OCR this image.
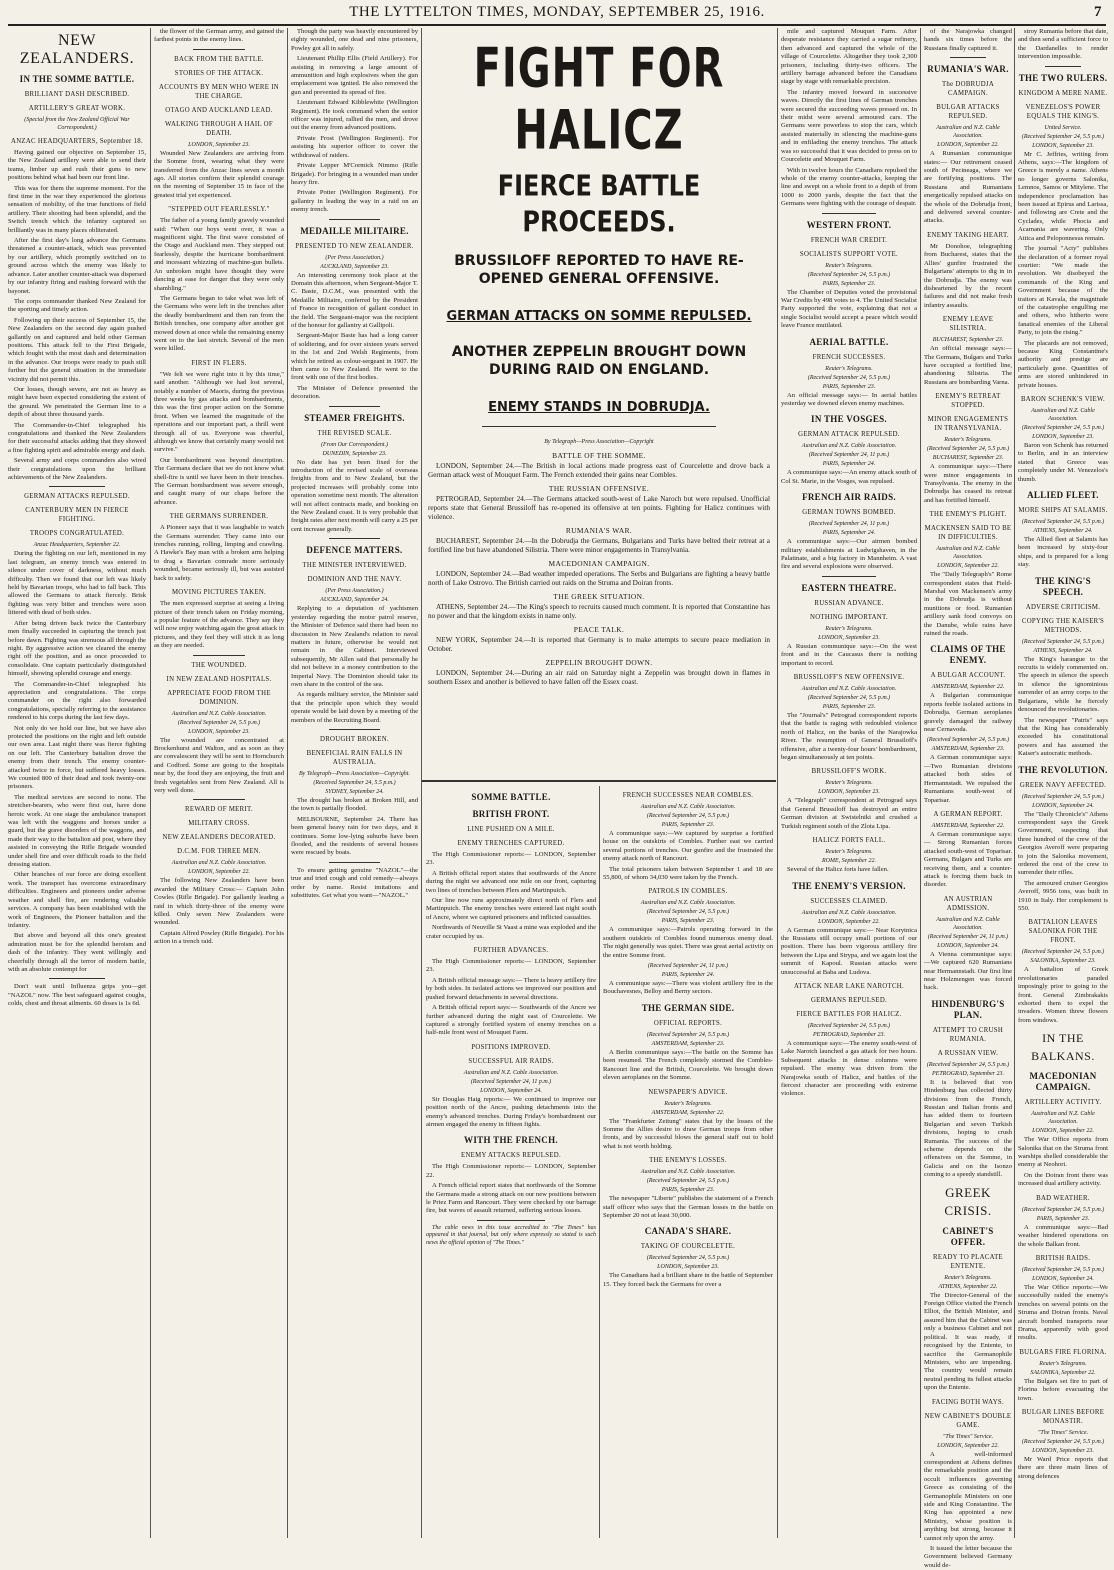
THE LYTTELTON TIMES, MONDAY, SEPTEMBER 25, 1916.	7
NEW ZEALANDERS.
IN THE SOMME BATTLE.
BRILLIANT DASH DESCRIBED.
ARTILLERY'S GREAT WORK.
(Special from the New Zealand Official War Correspondent.)
ANZAC HEADQUARTERS, September 18.

Having gained our objective on September 15, the New Zealand artillery were able to send their teams, limber up and rush their guns to new positions behind what had been our front line.

This was for them the supreme moment. For the first time in the war they experienced the glorious sensation of mobility, of the true functions of field artillery. Their shooting had been splendid, and the Switch trench which the infantry captured so brilliantly was in many places obliterated.

After the first day's long advance the Germans threatened a counter-attack, which was prevented by our artillery, which promptly switched on to ground across which the enemy was likely to advance. Later another counter-attack was dispersed by our infantry firing and rushing forward with the bayonet.

The corps commander thanked New Zealand for the sporting and timely action.

Following up their success of September 15, the New Zealanders on the second day again pushed gallantly on and captured and held other German positions. This attack fell to the First Brigade, which fought with the most dash and determination in the advance. Our troops were ready to push still further but the general situation in the immediate vicinity did not permit this.

Our losses, though severe, are not as heavy as might have been expected considering the extent of the ground. We penetrated the German line to a depth of about three thousand yards.

The Commander-in-Chief telegraphed his congratulations and thanked the New Zealanders for their successful attacks adding that they showed a fine fighting spirit and admirable energy and dash.

Several army and corps commanders also wired their congratulations upon the brilliant achievements of the New Zealanders.

GERMAN ATTACKS REPULSED.
CANTERBURY MEN IN FIERCE FIGHTING.
TROOPS CONGRATULATED.
Anzac Headquarters, September 22.

During the fighting on our left, mentioned in my last telegram, an enemy trench was entered in silence under cover of darkness, without much difficulty. Then we found that our left was likely held by Bavarian troops, who had to fall back. This allowed the Germans to attack fiercely. Brisk fighting was very bitter and trenches were soon littered with dead of both sides.

After being driven back twice the Canterbury men finally succeeded in capturing the trench just before dawn. Fighting was strenuous all through the night. By aggressive action we cleared the enemy right off the position, and as once proceeded to consolidate. One captain particularly distinguished himself, showing splendid courage and energy.

The Commander-in-Chief telegraphed his appreciation and congratulations. The corps commander on the right also forwarded congratulations, specially referring to the assistance rendered to his corps during the last few days.

Not only do we hold our line, but we have also protected the positions on the right and left outside our own area. Last night there was fierce fighting on our left. The Canterbury battalion drove the enemy from their trench. The enemy counter-attacked twice in force, but suffered heavy losses. We counted 800 of their dead and took twenty-one prisoners.

The medical services are second to none. The stretcher-bearers, who were first out, have done heroic work. At one stage the ambulance transport was left with the waggons and horses under a guard, but the grave disorders of the waggons, and made their way to the battalion aid post, where they assisted in conveying the Rifle Brigade wounded under shell fire and over difficult roads to the field dressing station.

Other branches of our force are doing excellent work. The transport has overcome extraordinary difficulties. Engineers and pioneers under adverse weather and shell fire, are rendering valuable services. A company has been established with the work of Engineers, the Pioneer battalion and the infantry.

But above and beyond all this one's greatest admiration must be for the splendid heroism and dash of the infantry. They went willingly and cheerfully through all the terror of modern battle, with an absolute contempt for

Don't wait until Influenza grips you—get "NAZOL" now. The best safeguard against coughs, colds, chest and throat ailments. 60 doses is 1s 6d.

the flower of the German army, and gained the farthest points in the enemy lines.

BACK FROM THE BATTLE.
STORIES OF THE ATTACK.
ACCOUNTS BY MEN WHO WERE IN THE CHARGE.
OTAGO AND AUCKLAND LEAD.
WALKING THROUGH A HAIL OF DEATH.
LONDON, September 23.

Wounded New Zealanders are arriving from the Somme front, wearing what they were transferred from the Anzac lines seven a month ago. All stories confirm their splendid courage on the morning of September 15 in face of the greatest trial yet experienced.

"STEPPED OUT FEARLESSLY."

The father of a young family gravely wounded said: "When our boys went over, it was a magnificent sight. The first wave consisted of the Otago and Auckland men. They stepped out fearlessly, despite the hurricane bombardment and incessant whizzing of machine-gun bullets. An unbroken might have thought they were dancing at ease for danger that they were only shambling."

The Germans began to take what was left of the Germans who were left in the trenches after the deadly bombardment and then ran from the British trenches, one company after another got mowed down at once while the remaining enemy went on to the last stretch. Several of the men were killed.

FIRST IN FLERS.

"We felt we were right into it by this time," said another. "Although we had lost several, notably a number of Maoris, during the previous three weeks by gas attacks and bombardments, this was the first proper action on the Somme front. When we learned the magnitude of the operations and our important part, a thrill went through all of us. Everyone was cheerful, although we know that certainly many would not survive."

Our bombardment was beyond description. The Germans declare that we do not know what shell-fire is until we have been in their trenches. The German bombardment was severe enough, and caught many of our chaps before the advance.

THE GERMANS SURRENDER.

A Pioneer says that it was laughable to watch the Germans surrender. They came into our trenches running, rolling, limping and crawling. A Hawke's Bay man with a broken arm helping to drag a Bavarian comrade more seriously wounded, became seriously ill, but was assisted back to safety.

MOVING PICTURES TAKEN.

The men expressed surprise at seeing a living picture of their trench taken on Friday morning, a popular feature of the advance. They say they will now enjoy watching again the great attack in pictures, and they feel they will stick it as long as they are needed.

THE WOUNDED.
IN NEW ZEALAND HOSPITALS.
APPRECIATE FOOD FROM THE DOMINION.
Australian and N.Z. Cable Association.
(Received September 24, 5.5 p.m.)
LONDON, September 23.

The wounded are concentrated at Brockenhurst and Walton, and as soon as they are convalescent they will be sent to Hornchurch and Codford. Some are going to the hospitals near by, the food they are enjoying, the fruit and fresh vegetables sent from New Zealand. All is very well done.

REWARD OF MERIT.
MILITARY CROSS.
NEW ZEALANDERS DECORATED.
D.C.M. FOR THREE MEN.
Australian and N.Z. Cable Association.
LONDON, September 22.

The following New Zealanders have been awarded the Military Cross:— Captain John Cowles (Rifle Brigade). For gallantly leading a raid in which thirty-three of the enemy were killed. Only seven New Zealanders were wounded.

Captain Alfred Powley (Rifle Brigade). For his action in a trench raid.

Though the party was heavily encountered by eighty wounded, one dead and nine prisoners, Powley got all in safely.

Lieutenant Phillip Ellis (Field Artillery). For assisting in removing a large amount of ammunition and high explosives when the gun emplacement was ignited. He also removed the gun and prevented its spread of fire.

Lieutenant Edward Kibblewhite (Wellington Regiment). He took command when the senior officer was injured, rallied the men, and drove out the enemy from advanced positions.

Private Frost (Wellington Regiment). For assisting his superior officer to cover the withdrawal of raiders.

Private Lepper M'Cormick Nimmo (Rifle Brigade). For bringing in a wounded man under heavy fire.

Private Potter (Wellington Regiment). For gallantry in leading the way in a raid on an enemy trench.

MEDAILLE MILITAIRE.
PRESENTED TO NEW ZEALANDER.
(Per Press Association.)
AUCKLAND, September 23.

An interesting ceremony took place at the Domain this afternoon, when Sergeant-Major T. C. Baste, D.C.M., was presented with the Medaille Militaire, conferred by the President of France in recognition of gallant conduct in the field. The Sergeant-major was the recipient of the honour for gallantry at Gallipoli.

Sergeant-Major Baste has had a long career of soldiering, and for over sixteen years served in the 1st and 2nd Welsh Regiments, from which he retired as colour-sergeant in 1907. He then came to New Zealand. He went to the front with one of the first bodies.

The Minister of Defence presented the decoration.

STEAMER FREIGHTS.
THE REVISED SCALE.
(From Our Correspondent.)
DUNEDIN, September 23.

No date has yet been fixed for the introduction of the revised scale of overseas freights from and to New Zealand, but the projected increases will probably come into operation sometime next month. The alteration will not affect contracts made, and booking on the New Zealand coast. It is very probable that freight rates after next month will carry a 25 per cent increase generally.

DEFENCE MATTERS.
THE MINISTER INTERVIEWED.
DOMINION AND THE NAVY.
(Per Press Association.)
AUCKLAND, September 24.

Replying to a deputation of yachtsmen yesterday regarding the motor patrol reserve, the Minister of Defence said there had been no discussion in New Zealand's relation to naval matters in future, otherwise he would not remain in the Cabinet. Interviewed subsequently, Mr Allen said that personally he did not believe in a money contribution to the Imperial Navy. The Dominion should take its own share in the control of the sea.

As regards military service, the Minister said that the principle upon which they would operate would be laid down by a meeting of the members of the Recruiting Board.

DROUGHT BROKEN.
BENEFICIAL RAIN FALLS IN AUSTRALIA.
By Telegraph—Press Association—Copyright.
(Received September 24, 5.5 p.m.)
SYDNEY, September 24.

The drought has broken at Broken Hill, and the town is partially flooded.

MELBOURNE, September 24. There has been general heavy rain for two days, and it continues. Some low-lying suburbs have been flooded, and the residents of several houses were rescued by boats.

To ensure getting genuine "NAZOL"—the true and tried cough and cold remedy—always order by name. Resist imitations and substitutes. Get what you want—"NAZOL."

FIGHT FOR HALICZ
FIERCE BATTLE PROCEEDS.
BRUSSILOFF REPORTED TO HAVE RE-OPENED GENERAL OFFENSIVE.
GERMAN ATTACKS ON SOMME REPULSED.
ANOTHER ZEPPELIN BROUGHT DOWN DURING RAID ON ENGLAND.
ENEMY STANDS IN DOBRUDJA.
By Telegraph—Press Association—Copyright
BATTLE OF THE SOMME.

LONDON, September 24.—The British in local actions made progress east of Courcelette and drove back a German attack west of Mouquet Farm. The French extended their gains near Combles.

THE RUSSIAN OFFENSIVE.

PETROGRAD, September 24.—The Germans attacked south-west of Lake Naroch but were repulsed. Unofficial reports state that General Brussiloff has re-opened its offensive at ten points. Fighting for Halicz continues with violence.

RUMANIA'S WAR.

BUCHAREST, September 24.—In the Dobrudja the Germans, Bulgarians and Turks have belted their retreat at a fortified line but have abandoned Silistria. There were minor engagements in Transylvania.

MACEDONIAN CAMPAIGN.

LONDON, September 24.—Bad weather impeded operations. The Serbs and Bulgarians are fighting a heavy battle north of Lake Ostrovo. The British carried out raids on the Struma and Doiran fronts.

THE GREEK SITUATION.

ATHENS, September 24.—The King's speech to recruits caused much comment. It is reported that Constantine has no power and that the kingdom exists in name only.

PEACE TALK.

NEW YORK, September 24.—It is reported that Germany is to make attempts to secure peace mediation in October.

ZEPPELIN BROUGHT DOWN.

LONDON, September 24.—During an air raid on Saturday night a Zeppelin was brought down in flames in southern Essex and another is believed to have fallen off the Essex coast.

SOMME BATTLE.
BRITISH FRONT.
LINE PUSHED ON A MILE.
ENEMY TRENCHES CAPTURED.

The High Commissioner reports:— LONDON, September 23.

A British official report states that southwards of the Ancre during the night we advanced one mile on our front, capturing two lines of trenches between Flers and Martinpuich.

Our line now runs approximately direct north of Flers and Martinpuich. The enemy trenches were entered last night south of Ancre, where we captured prisoners and inflicted casualties.

Northwards of Neuville St Vaast a mine was exploded and the crater occupied by us.

FURTHER ADVANCES.

The High Commissioner reports:— LONDON, September 23.

A British official message says:— There is heavy artillery fire by both sides. In isolated actions we improved our position and pushed forward detachments in several directions.

A British official report says:— Southwards of the Ancre we further advanced during the night east of Courcelette. We captured a strongly fortified system of enemy trenches on a half-mile front west of Mouquet Farm.

POSITIONS IMPROVED.
SUCCESSFUL AIR RAIDS.
Australian and N.Z. Cable Association.
(Received September 24, 11 p.m.)
LONDON, September 24.

Sir Douglas Haig reports:— We continued to improve our position north of the Ancre, pushing detachments into the enemy's advanced trenches. During Friday's bombardment our airmen engaged the enemy in fifteen fights.

WITH THE FRENCH.
ENEMY ATTACKS REPULSED.

The High Commissioner reports:— LONDON, September 22.

A French official report states that northwards of the Somme the Germans made a strong attack on our new positions between le Priez Farm and Rancourt. They were checked by our barrage fire, but waves of assault returned, suffering serious losses.

The cable news in this issue accredited to "The Times" has appeared in that journal, but only where expressly so stated is such news the official opinion of "The Times."

FRENCH SUCCESSES NEAR COMBLES.
Australian and N.Z. Cable Association.
(Received September 24, 5.5 p.m.)
PARIS, September 23.

A communique says:—We captured by surprise a fortified house on the outskirts of Combles. Further east we carried several portions of trenches. Our gunfire and the frustrated the enemy attack north of Rancourt.

The total prisoners taken between September 1 and 18 are 55,800, of whom 34,030 were taken by the French.

PATROLS IN COMBLES.
Australian and N.Z. Cable Association.
(Received September 24, 5.5 p.m.)
PARIS, September 23.

A communique says:—Patrols operating forward in the southern outskirts of Combles found numerous enemy dead. The night generally was quiet. There was great aerial activity on the entire Somme front.

(Received September 24, 11 p.m.)
PARIS, September 24.

A communique says:—There was violent artillery fire in the Bouchavesnes, Belloy and Berny sectors.

THE GERMAN SIDE.
OFFICIAL REPORTS.
(Received September 24, 5.5 p.m.)
AMSTERDAM, September 23.

A Berlin communique says:—The battle on the Somme has been resumed. The French completely stormed the Combles-Rancourt line and the British, Courcelette. We brought down eleven aeroplanes on the Somme.

NEWSPAPER'S ADVICE.
Reuter's Telegrams.
AMSTERDAM, September 22.

The "Frankfurter Zeitung" states that by the losses of the Somme the Allies desire to draw German troops from other fronts, and by successful blows the general staff out to hold what is not worth holding.

THE ENEMY'S LOSSES.
Australian and N.Z. Cable Association.
(Received September 24, 5.5 p.m.)
PARIS, September 23.

The newspaper "Liberte" publishes the statement of a French staff officer who says that the German losses in the battle on September 20 not at least 30,000.

CANADA'S SHARE.
TAKING OF COURCELETTE.
(Received September 24, 5.5 p.m.)
LONDON, September 23.

The Canadians had a brilliant share in the battle of September 15. They forced back the Germans for over a

mile and captured Mouquet Farm. After desperate resistance they carried a sugar refinery, then advanced and captured the whole of the village of Courcelette. Altogether they took 2,300 prisoners, including thirty-two officers. The artillery barrage advanced before the Canadians stage by stage with remarkable precision.

The infantry moved forward in successive waves. Directly the first lines of German trenches were secured the succeeding waves pressed on. In their midst were several armoured cars. The Germans were powerless to stop the cars, which assisted materially in silencing the machine-guns and in enfilading the enemy trenches. The attack was so successful that it was decided to press on to Courcelette and Mouquet Farm.

With in twelve hours the Canadians repulsed the whole of the enemy counter-attacks, keeping the line and swept on a whole front to a depth of from 1000 to 2000 yards, despite the fact that the Germans were fighting with the courage of despair.

WESTERN FRONT.
FRENCH WAR CREDIT.
SOCIALISTS SUPPORT VOTE.
Reuter's Telegrams.
(Received September 24, 5.5 p.m.)
PARIS, September 23.

The Chamber of Deputies voted the provisional War Credits by 498 votes to 4. The United Socialist Party supported the vote, explaining that not a single Socialist would accept a peace which would leave France mutilated.

AERIAL BATTLE.
FRENCH SUCCESSES.
Reuter's Telegrams.
(Received September 24, 5.5 p.m.)
PARIS, September 23.

An official message says:— In aerial battles yesterday we downed eleven enemy machines.

IN THE VOSGES.
GERMAN ATTACK REPULSED.
Australian and N.Z. Cable Association.
(Received September 24, 11 p.m.)
PARIS, September 24.

A communique says:—An enemy attack south of Col St. Marie, in the Vosges, was repulsed.

FRENCH AIR RAIDS.
GERMAN TOWNS BOMBED.
(Received September 24, 11 p.m.)
PARIS, September 24.

A communique says:—Our airmen bombed military establishments at Ludwigshaven, in the Palatinate, and a big factory in Mannheim. A vast fire and several explosions were observed.

EASTERN THEATRE.
RUSSIAN ADVANCE.
NOTHING IMPORTANT.
Reuter's Telegrams.
LONDON, September 23.

A Russian communique says:—On the west front and in the Caucasus there is nothing important to record.

BRUSSILOFF'S NEW OFFENSIVE.
Australian and N.Z. Cable Association.
(Received September 24, 5.5 p.m.)
PARIS, September 23.

The "Journal's" Petrograd correspondent reports that the battle is raging with redoubled violence north of Halicz, on the banks of the Narajowka River. The resumption of General Brussiloff's offensive, after a twenty-four hours' bombardment, began simultaneously at ten points.

BRUSSILOFF'S WORK.
Reuter's Telegrams.
LONDON, September 23.

A "Telegraph" correspondent at Petrograd says that General Brussiloff has destroyed an entire German division at Swistelniki and crushed a Turkish regiment south of the Zlota Lipa.

HALICZ FORTS FALL.
Reuter's Telegrams.
ROME, September 22.

Several of the Halicz forts have fallen.

THE ENEMY'S VERSION.
SUCCESSES CLAIMED.
Australian and N.Z. Cable Association.
LONDON, September 22.

A German communique says:— Near Korytnica the Russians still occupy small portions of our position. There has been vigorous artillery fire between the Lipa and Strypa, and we again lost the summit of Kapoul. Russian attacks were unsuccessful at Baba and Ludova.

ATTACK NEAR LAKE NAROTCH.
GERMANS REPULSED.
FIERCE BATTLES FOR HALICZ.
(Received September 24, 5.5 p.m.)
PETROGRAD, September 23.

A communique says:—The enemy south-west of Lake Narotch launched a gas attack for two hours. Subsequent attacks in dense columns were repulsed. The enemy was driven from the Narajowka south of Halicz, and battles of the fiercest character are proceeding with extreme violence.

of the Narajowka changed hands six times before the Russians finally captured it.

RUMANIA'S WAR.
The DOBRUDJA CAMPAIGN.
BULGAR ATTACKS REPULSED.
Australian and N.Z. Cable Association.
LONDON, September 22.

A Rumanian communique states:— Our retirement ceased south of Pecineaga, where we are fortifying positions. The Russians and Rumanians energetically repulsed attacks on the whole of the Dobrudja front, and delivered several counter-attacks.

ENEMY TAKING HEART.

Mr Donohoe, telegraphing from Bucharest, states that the Allies' gunfire frustrated the Bulgarians' attempts to dig in in the Dobrudja. The enemy was disheartened by the recent failures and did not make fresh infantry assaults.

ENEMY LEAVE SILISTRIA.
BUCHAREST, September 23.

An official message says:—The Germans, Bulgars and Turks have occupied a fortified line, abandoning Silistria. The Russians are bombarding Varna.

ENEMY'S RETREAT STOPPED.
MINOR ENGAGEMENTS IN TRANSYLVANIA.
Reuter's Telegrams.
(Received September 24, 5.5 p.m.)
BUCHAREST, September 23.

A communique says:—There were minor engagements in Transylvania. The enemy in the Dobrudja has ceased its retreat and has fortified himself.

THE ENEMY'S PLIGHT.
MACKENSEN SAID TO BE IN DIFFICULTIES.
Australian and N.Z. Cable Association.
LONDON, September 22.

The "Daily Telegraph's" Rome correspondent states that Field-Marshal von Mackensen's army in the Dobrudja is without munitions or food. Rumanian artillery sank food convoys on the Danube, while rains have ruined the roads.

CLAIMS OF THE ENEMY.
A BULGAR ACCOUNT.
AMSTERDAM, September 22.

A Bulgarian communique reports feeble isolated actions in Dobrudja. German aeroplanes gravely damaged the railway near Cernavoda.

(Received September 24, 5.5 p.m.)
AMSTERDAM, September 23.

A German communique says:—Two Rumanian divisions attacked both sides of Hermannstadt. We repulsed the Rumanians south-west of Toparisar.

A GERMAN REPORT.
AMSTERDAM, September 22.

A German communique says:— Strong Rumanian forces attacked south-west of Toparisar. Germans, Bulgars and Turks are receiving them, and a counter-attack is forcing them back in disorder.

AN AUSTRIAN ADMISSION.
Australian and N.Z. Cable Association.
(Received September 24, 11 p.m.)
LONDON, September 24.

A Vienna communique says:—We captured 620 Rumanians near Hermannstadt. Our first line near Holzmengen was forced back.

HINDENBURG'S PLAN.
ATTEMPT TO CRUSH RUMANIA.
A RUSSIAN VIEW.
(Received September 24, 5.5 p.m.)
PETROGRAD, September 23.

It is believed that von Hindenburg has collected thirty divisions from the French, Russian and Italian fronts and has added them to fourteen Bulgarian and seven Turkish divisions, hoping to crush Rumania. The success of the scheme depends on the offensives on the Somme, in Galicia and on the Isonzo coming to a speedy standstill.

GREEK CRISIS.
CABINET'S OFFER.
READY TO PLACATE ENTENTE.
Reuter's Telegrams.
ATHENS, September 22.

The Director-General of the Foreign Office visited the French Elliot, the British Minister, and assured him that the Cabinet was only a business Cabinet and not political. It was ready, if recognised by the Entente, to sacrifice the Germanophile Ministers, who are impending. The country would remain neutral pending its fullest attacks upon the Entente.

FACING BOTH WAYS.
NEW CABINET'S DOUBLE GAME.
"The Times" Service.
LONDON, September 22.

A well-informed correspondent at Athens defines the remarkable position and the occult influences governing Greece as consisting of the Germanophile Ministers on one side and King Constantine. The King has appointed a new Ministry, whose position is anything but strong, because it cannot rely upon the army.

It issued the letter because the Government believed Germany would de-

stroy Rumania before that date, and then send a sufficient force to the Dardanelles to render intervention impossible.

THE TWO RULERS.
KINGDOM A MERE NAME.
VENEZELOS'S POWER EQUALS THE KING'S.
United Service.
(Received September 24, 5.5 p.m.)
LONDON, September 23.

Mr C. Jeffries, writing from Athens, says:—The kingdom of Greece is merely a name. Athens no longer governs Salonika, Lemnos, Samos or Mitylene. The independence proclamation has been issued at Epirus and Larissa, and following are Crete and the Cyclades, while Phocia and Acarnania are wavering. Only Attica and Peloponnesus remain.

The journal "Acty" publishes the declaration of a former royal courtier: "We made the revolution. We disobeyed the commands of the King and Government because of the traitors at Kavala, the magnitude of the catastrophe engulfing me and others, who hitherto were fanatical enemies of the Liberal Party, to join the rising."

The placards are not removed, because King Constantine's authority and prestige are particularly gone. Quantities of arms are stored unhindered in private houses.

BARON SCHENK'S VIEW.
Australian and N.Z. Cable Association.
(Received September 24, 5.5 p.m.)
LONDON, September 23.

Baron von Schenk has returned to Berlin, and in an interview stated that Greece was completely under M. Venezelos's thumb.

ALLIED FLEET.
MORE SHIPS AT SALAMIS.
(Received September 24, 5.5 p.m.)
ATHENS, September 24.

The Allied fleet at Salamis has been increased by sixty-four ships, and is prepared for a long stay.

THE KING'S SPEECH.
ADVERSE CRITICISM.
COPYING THE KAISER'S METHODS.
(Received September 24, 5.5 p.m.)
ATHENS, September 24.

The King's harangue to the recruits is widely commented on. The speech in silence the speech in silence the ignominious surrender of an army corps to the Bulgarians, while he fiercely denounced the revolutionaries.

The newspaper "Patris" says that the King has considerably exceeded his constitutional powers and has assumed the Kaiser's autocratic methods.

THE REVOLUTION.
GREEK NAVY AFFECTED.
(Received September 24, 5.5 p.m.)
LONDON, September 24.

The "Daily Chronicle's" Athens correspondent says the Greek Government, suspecting that three hundred of the crew of the Georgios Averoff were preparing to join the Salonika movement, ordered the rest of the crew to surrender their rifles.

The armoured cruiser Georgios Averoff, 9956 tons, was built in 1910 in Italy. Her complement is 550.

BATTALION LEAVES SALONIKA FOR THE FRONT.
(Received September 24, 5.5 p.m.)
SALONIKA, September 23.

A battalion of Greek revolutionaries paraded imposingly prior to going to the front. General Zimbrakakis exhorted them to expel the invaders. Women threw flowers from windows.

IN THE BALKANS.
MACEDONIAN CAMPAIGN.
ARTILLERY ACTIVITY.
Australian and N.Z. Cable Association.
LONDON, September 22.

The War Office reports from Salonika that on the Struma front warships shelled considerable the enemy at Neohori.

On the Doiran front there was increased dual artillery activity.

BAD WEATHER.
(Received September 24, 5.5 p.m.)
PARIS, September 23.

A communique says:—Bad weather hindered operations on the whole Balkan front.

BRITISH RAIDS.
(Received September 24, 5.5 p.m.)
LONDON, September 24.

The War Office reports:—We successfully raided the enemy's trenches on several points on the Struma and Doiran fronts. Naval aircraft bombed transports near Drama, apparently with good results.

BULGARS FIRE FLORINA.
Reuter's Telegrams.
SALONIKA, September 22.

The Bulgars set fire to part of Florina before evacuating the town.

BULGAR LINES BEFORE MONASTIR.
"The Times" Service.
(Received September 24, 5.5 p.m.)
LONDON, September 23.

Mr Ward Price reports that there are three main lines of strong defences
